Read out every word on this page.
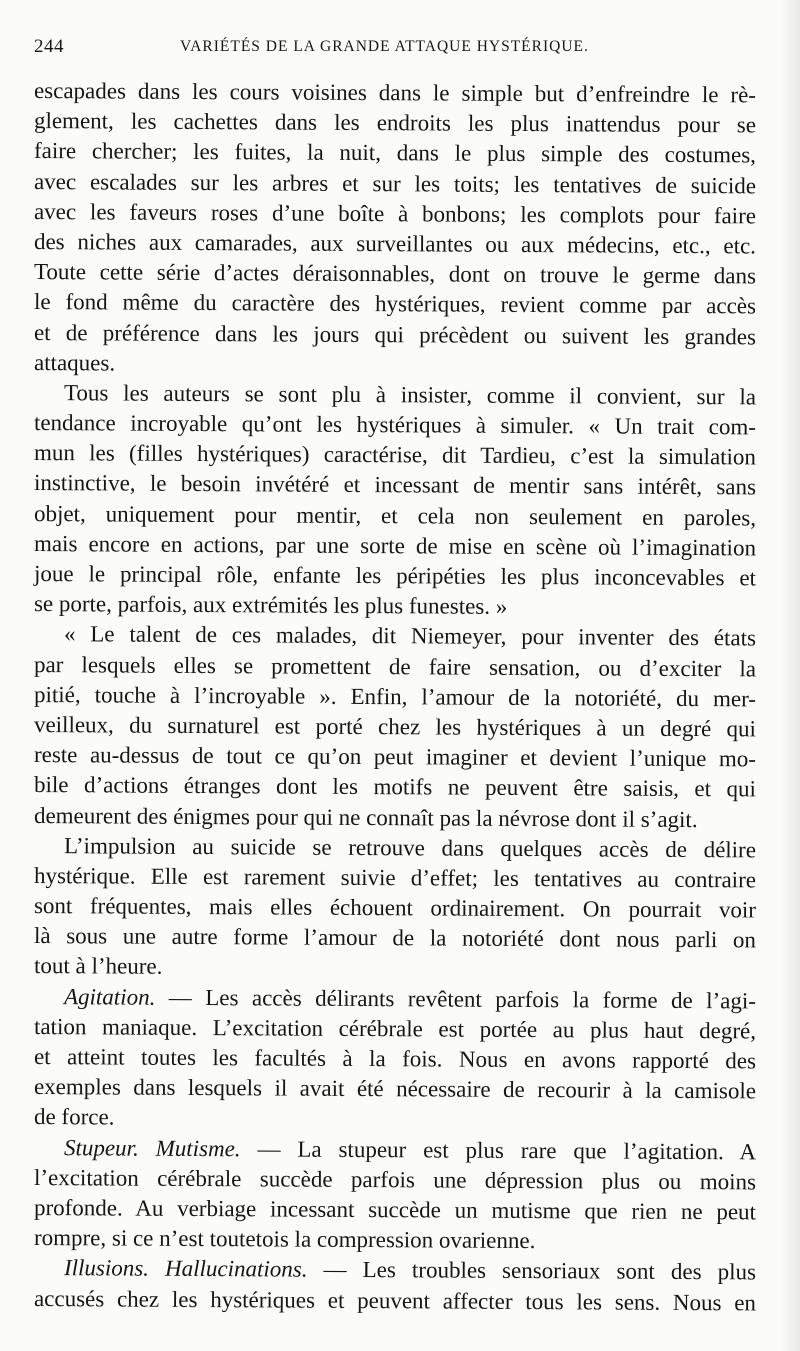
244	VARIÉTÉS DE LA GRANDE ATTAQUE HYSTÉRIQUE.
escapades dans les cours voisines dans le simple but d’enfreindre le rè-
glement, les cachettes dans les endroits les plus inattendus pour se
faire chercher; les fuites, la nuit, dans le plus simple des costumes,
avec escalades sur les arbres et sur les toits; les tentatives de suicide
avec les faveurs roses d’une boîte à bonbons; les complots pour faire
des niches aux camarades, aux surveillantes ou aux médecins, etc., etc.
Toute cette série d’actes déraisonnables, dont on trouve le germe dans
le fond même du caractère des hystériques, revient comme par accès
et de préférence dans les jours qui précèdent ou suivent les grandes
attaques.
Tous les auteurs se sont plu à insister, comme il convient, sur la
tendance incroyable qu’ont les hystériques à simuler. « Un trait com-
mun les (filles hystériques) caractérise, dit Tardieu, c’est la simulation
instinctive, le besoin invétéré et incessant de mentir sans intérêt, sans
objet, uniquement pour mentir, et cela non seulement en paroles,
mais encore en actions, par une sorte de mise en scène où l’imagination
joue le principal rôle, enfante les péripéties les plus inconcevables et
se porte, parfois, aux extrémités les plus funestes. »
« Le talent de ces malades, dit Niemeyer, pour inventer des états
par lesquels elles se promettent de faire sensation, ou d’exciter la
pitié, touche à l’incroyable ». Enfin, l’amour de la notoriété, du mer-
veilleux, du surnaturel est porté chez les hystériques à un degré qui
reste au-dessus de tout ce qu’on peut imaginer et devient l’unique mo-
bile d’actions étranges dont les motifs ne peuvent être saisis, et qui
demeurent des énigmes pour qui ne connaît pas la névrose dont il s’agit.
L’impulsion au suicide se retrouve dans quelques accès de délire
hystérique. Elle est rarement suivie d’effet; les tentatives au contraire
sont fréquentes, mais elles échouent ordinairement. On pourrait voir
là sous une autre forme l’amour de la notoriété dont nous parli on
tout à l’heure.
Agitation. — Les accès délirants revêtent parfois la forme de l’agi-
tation maniaque. L’excitation cérébrale est portée au plus haut degré,
et atteint toutes les facultés à la fois. Nous en avons rapporté des
exemples dans lesquels il avait été nécessaire de recourir à la camisole
de force.
Stupeur. Mutisme. — La stupeur est plus rare que l’agitation. A
l’excitation cérébrale succède parfois une dépression plus ou moins
profonde. Au verbiage incessant succède un mutisme que rien ne peut
rompre, si ce n’est toutetois la compression ovarienne.
Illusions. Hallucinations. — Les troubles sensoriaux sont des plus
accusés chez les hystériques et peuvent affecter tous les sens. Nous en
